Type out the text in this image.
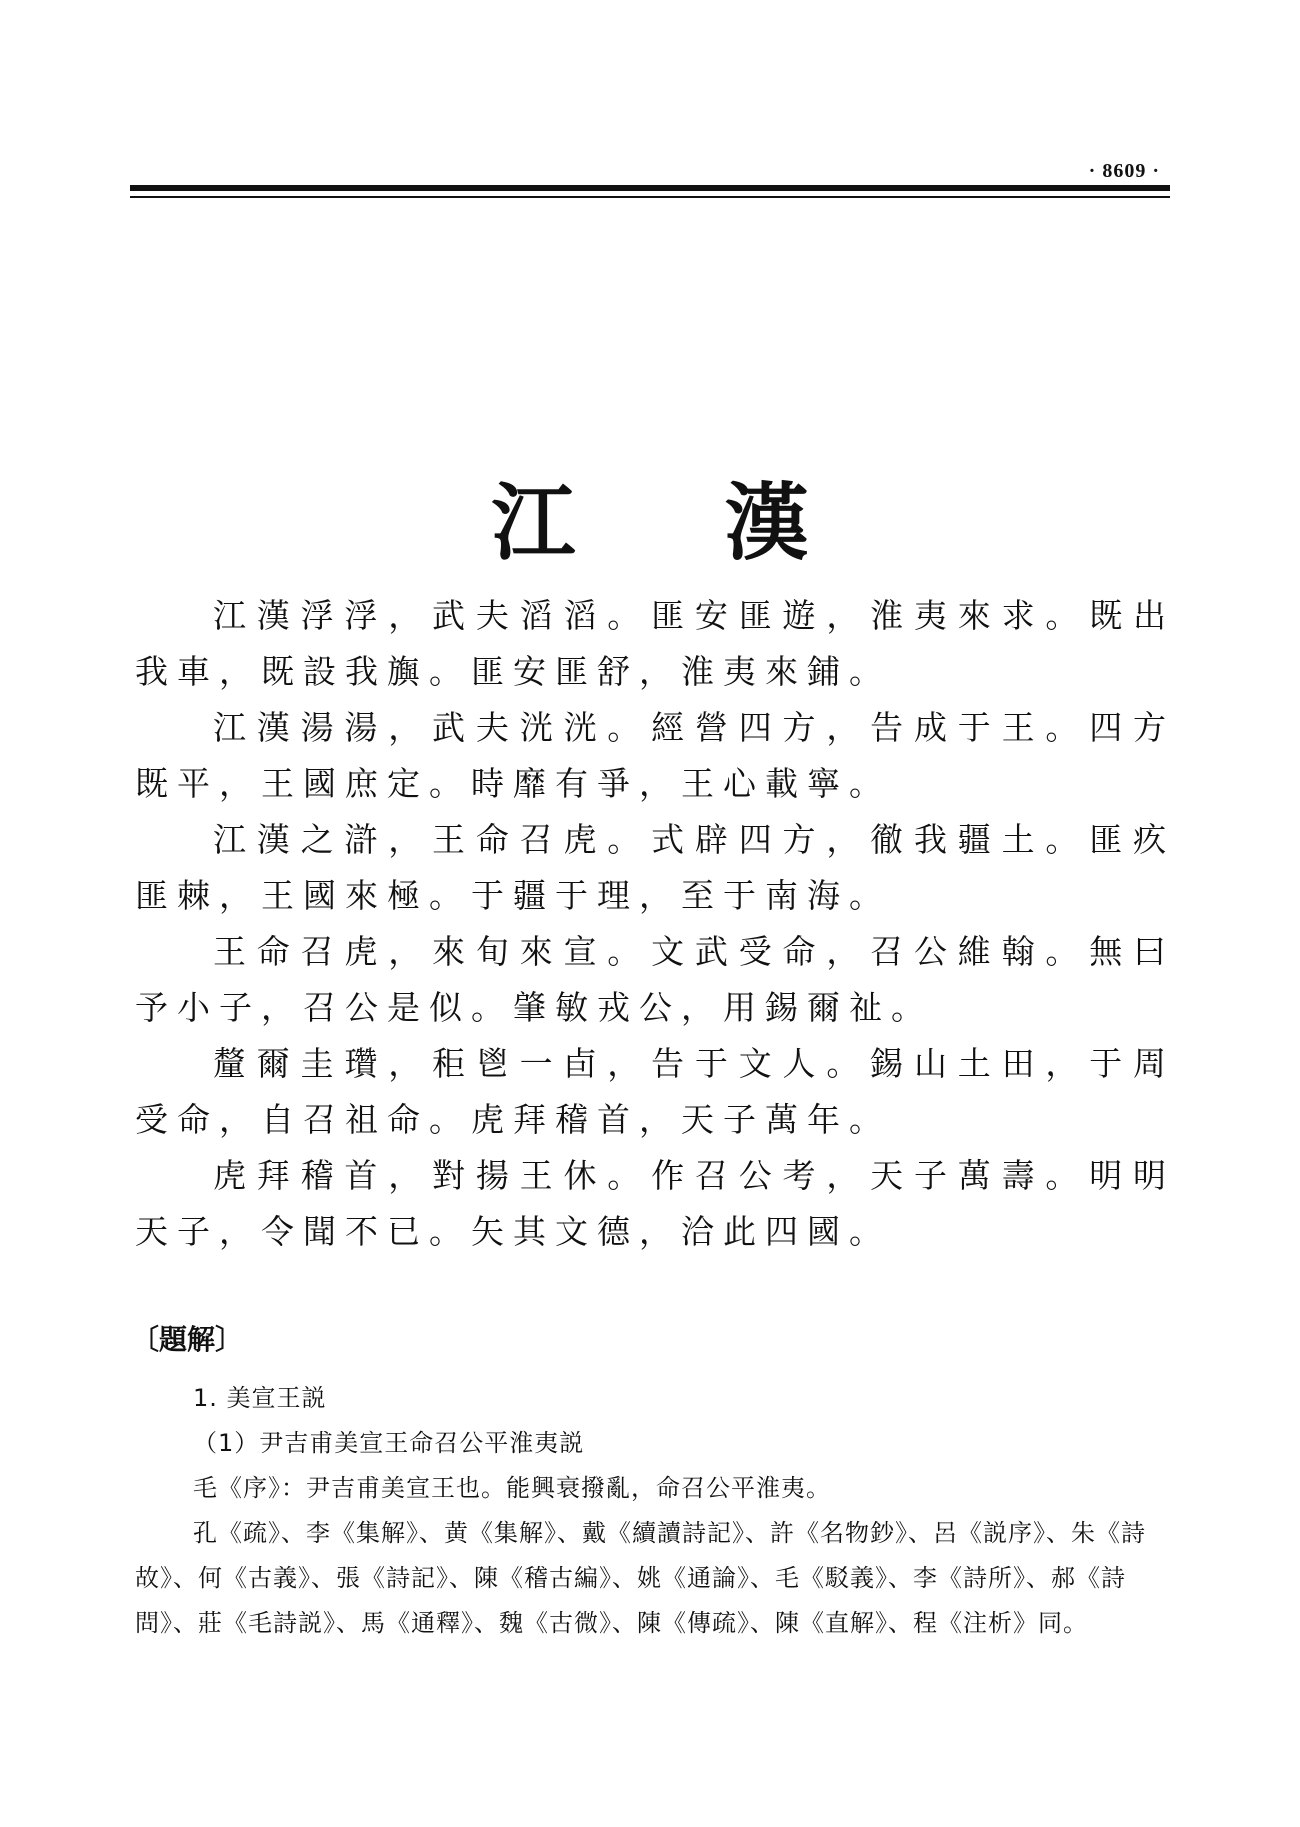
· 8609 ·
江 漢

江漢浮浮，武夫滔滔。匪安匪遊，淮夷來求。既出我車，既設我旟。匪安匪舒，淮夷來鋪。

江漢湯湯，武夫洸洸。經營四方，告成于王。四方既平，王國庶定。時靡有爭，王心載寧。

江漢之滸，王命召虎。式辟四方，徹我疆土。匪疚匪棘，王國來極。于疆于理，至于南海。

王命召虎，來旬來宣。文武受命，召公維翰。無曰予小子，召公是似。肇敏戎公，用錫爾祉。

釐爾圭瓚，秬鬯一卣，告于文人。錫山土田，于周受命，自召祖命。虎拜稽首，天子萬年。

虎拜稽首，對揚王休。作召公考，天子萬壽。明明天子，令聞不已。矢其文德，洽此四國。

〔題解〕

1. 美宣王説

（1）尹吉甫美宣王命召公平淮夷説

毛《序》：尹吉甫美宣王也。能興衰撥亂，命召公平淮夷。

孔《疏》、李《集解》、黄《集解》、戴《續讀詩記》、許《名物鈔》、呂《説序》、朱《詩故》、何《古義》、張《詩記》、陳《稽古編》、姚《通論》、毛《駁義》、李《詩所》、郝《詩問》、莊《毛詩説》、馬《通釋》、魏《古微》、陳《傳疏》、陳《直解》、程《注析》同。
